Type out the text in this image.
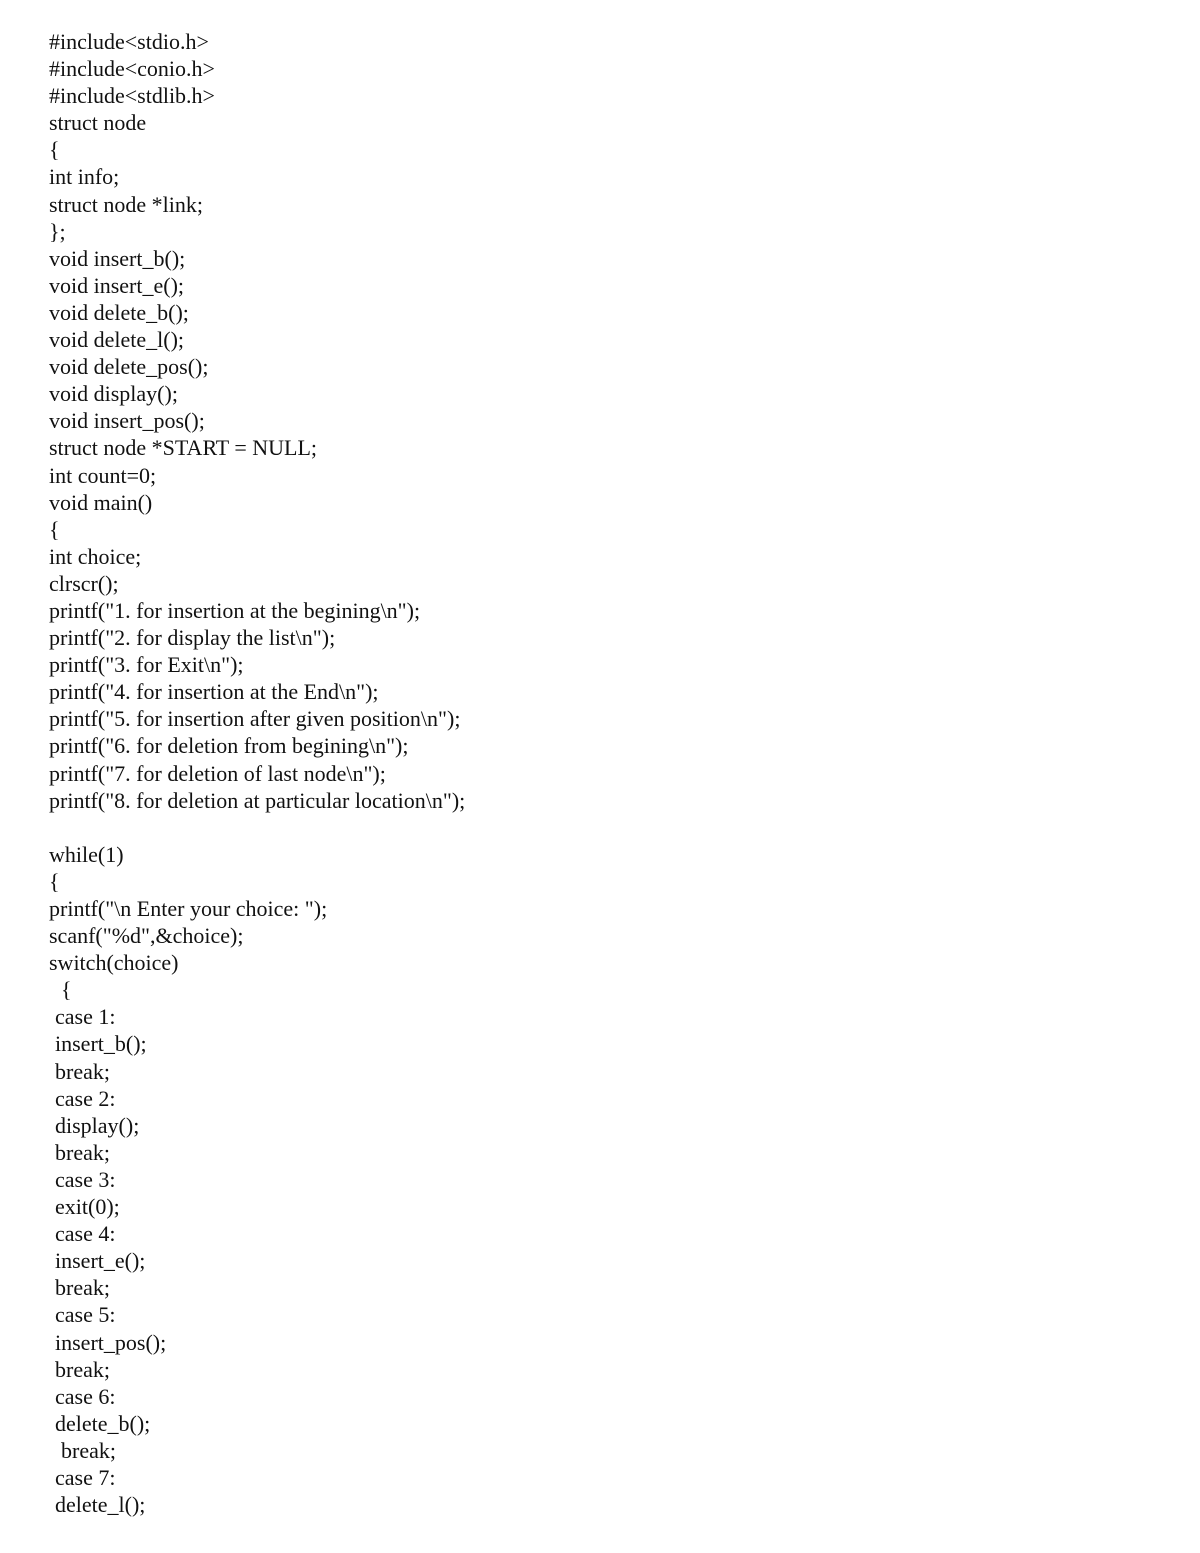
#include<stdio.h>
#include<conio.h>
#include<stdlib.h>
struct node
{
int info;
struct node *link;
};
void insert_b();
void insert_e();
void delete_b();
void delete_l();
void delete_pos();
void display();
void insert_pos();
struct node *START = NULL;
int count=0;
void main()
{
int choice;
clrscr();
printf("1. for insertion at the begining\n");
printf("2. for display the list\n");
printf("3. for Exit\n");
printf("4. for insertion at the End\n");
printf("5. for insertion after given position\n");
printf("6. for deletion from begining\n");
printf("7. for deletion of last node\n");
printf("8. for deletion at particular location\n");
while(1)
{
printf("\n Enter your choice: ");
scanf("%d",&choice);
switch(choice)
{
case 1:
insert_b();
break;
case 2:
display();
break;
case 3:
exit(0);
case 4:
insert_e();
break;
case 5:
insert_pos();
break;
case 6:
delete_b();
break;
case 7:
delete_l();
